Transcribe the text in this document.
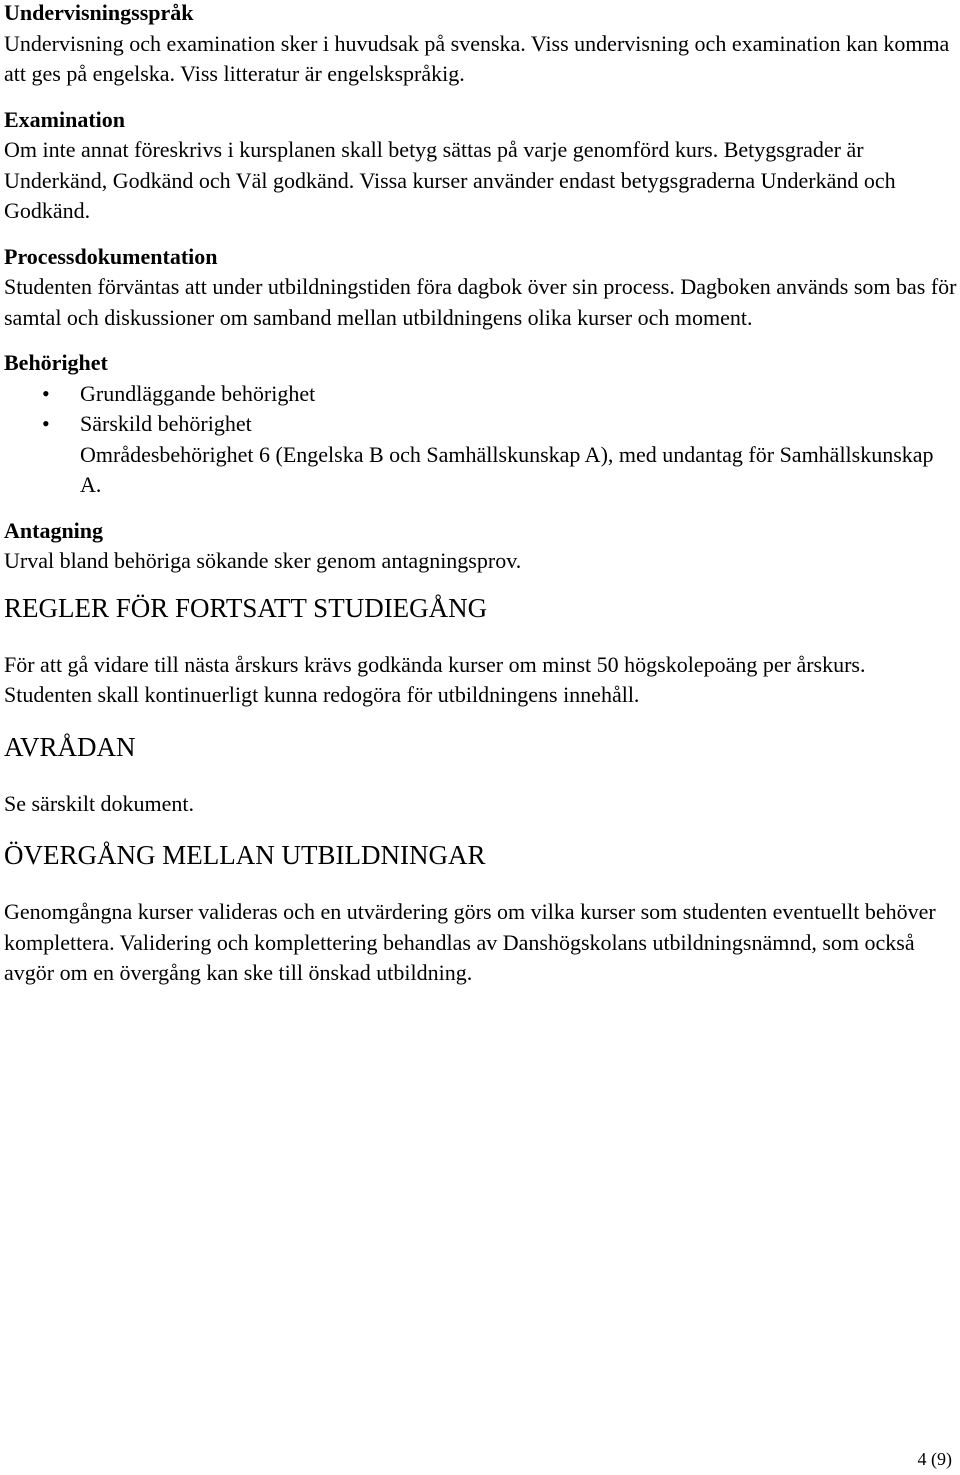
Undervisningsspråk

Undervisning och examination sker i huvudsak på svenska. Viss undervisning och examination kan komma att ges på engelska. Viss litteratur är engelskspråkig.

Examination

Om inte annat föreskrivs i kursplanen skall betyg sättas på varje genomförd kurs. Betygsgrader är Underkänd, Godkänd och Väl godkänd. Vissa kurser använder endast betygsgraderna Underkänd och Godkänd.

Processdokumentation

Studenten förväntas att under utbildningstiden föra dagbok över sin process. Dagboken används som bas för samtal och diskussioner om samband mellan utbildningens olika kurser och moment.

Behörighet

• Grundläggande behörighet
• Särskild behörighet

Områdesbehörighet 6 (Engelska B och Samhällskunskap A), med undantag för Samhällskunskap A.

Antagning

Urval bland behöriga sökande sker genom antagningsprov.

REGLER FÖR FORTSATT STUDIEGÅNG

För att gå vidare till nästa årskurs krävs godkända kurser om minst 50 högskolepoäng per årskurs. Studenten skall kontinuerligt kunna redogöra för utbildningens innehåll.

AVRÅDAN

Se särskilt dokument.

ÖVERGÅNG MELLAN UTBILDNINGAR

Genomgångna kurser valideras och en utvärdering görs om vilka kurser som studenten eventuellt behöver komplettera. Validering och komplettering behandlas av Danshögskolans utbildningsnämnd, som också avgör om en övergång kan ske till önskad utbildning.

4 (9)
